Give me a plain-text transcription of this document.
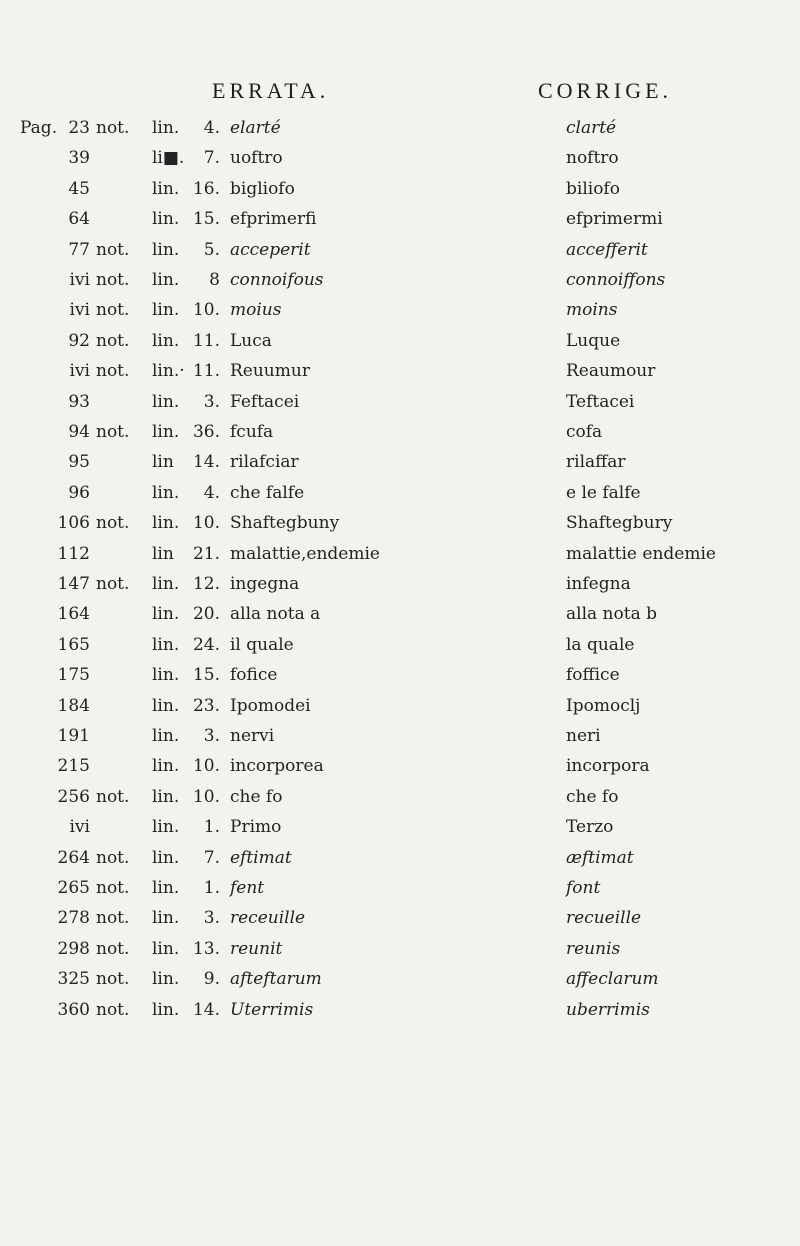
ERRATA.	CORRIGE.
Pag. 23 not. lin.	4. elarté	clarté
39	li■.	7. uoftro	noftro
45	lin. 16. bigliofo	biliofo
64	lin. 15. efprimerfi	efprimermi
77 not. lin.	5. acceperit	accefferit
ivi not. lin.	8 connoifous	connoiffons
ivi not. lin. 10. moius	moins
92 not. lin. 11. Luca	Luque
ivi not. lin.· 11. Reuumur	Reaumour
93	lin.	3. Feftacei	Teftacei
94 not. lin. 36. fcufa	cofa
95	lin 14. rilafciar	rilaffar
96	lin.	4. che falfe	e le falfe
106 not. lin. 10. Shaftegbuny	Shaftegbury
112	lin 21. malattie,endemie	malattie endemie
147 not. lin. 12. ingegna	infegna
164	lin. 20. alla nota a	alla nota b
165	lin. 24. il quale	la quale
175	lin. 15. fofice	foffice
184	lin. 23. Ipomodei	Ipomoclj
191	lin.	3. nervi	neri
215	lin. 10. incorporea	incorpora
256 not. lin. 10. che fo	che fo
ivi	lin.	1. Primo	Terzo
264 not. lin.	7. eftimat	æftimat
265 not. lin.	1. fent	font
278 not. lin.	3. receuille	recueille
298 not. lin. 13. reunit	reunis
325 not. lin.	9. afteftarum	affeclarum
360 not. lin. 14. Uterrimis	uberrimis
